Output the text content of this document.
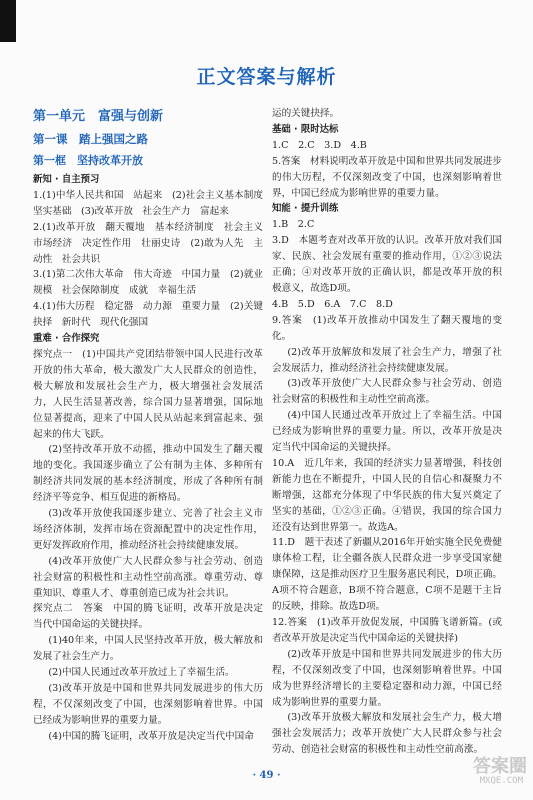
正文答案与解析

第一单元　富强与创新

第一课　踏上强国之路

第一框　坚持改革开放

新知 · 自主预习

1.(1)中华人民共和国　站起来　(2)社会主义基本制度　坚实基础　(3)改革开放　社会生产力　富起来

2.(1)改革开放　翻天覆地　基本经济制度　社会主义市场经济　决定性作用　壮丽史诗　(2)敢为人先　主动性　社会共识

3.(1)第二次伟大革命　伟大奇迹　中国力量　(2)就业规模　社会保障制度　成就　幸福生活

4.(1)伟大历程　稳定器　动力源　重要力量　(2)关键抉择　新时代　现代化强国

重难 · 合作探究

探究点一　(1)中国共产党团结带领中国人民进行改革开放的伟大革命，极大激发广大人民群众的创造性，极大解放和发展社会生产力，极大增强社会发展活力，人民生活显著改善，综合国力显著增强，国际地位显著提高，迎来了中国人民从站起来到富起来、强起来的伟大飞跃。

(2)坚持改革开放不动摇，推动中国发生了翻天覆地的变化。我国逐步确立了公有制为主体、多种所有制经济共同发展的基本经济制度，形成了各种所有制经济平等竞争、相互促进的新格局。

(3)改革开放使我国逐步建立、完善了社会主义市场经济体制，发挥市场在资源配置中的决定性作用，更好发挥政府作用，推动经济社会持续健康发展。

(4)改革开放使广大人民群众参与社会劳动、创造社会财富的积极性和主动性空前高涨。尊重劳动、尊重知识、尊重人才、尊重创造已成为社会共识。

探究点二　答案　中国的腾飞证明，改革开放是决定当代中国命运的关键抉择。

(1)40年来，中国人民坚持改革开放，极大解放和发展了社会生产力。

(2)中国人民通过改革开放过上了幸福生活。

(3)改革开放是中国和世界共同发展进步的伟大历程，不仅深刻改变了中国，也深刻影响着世界。中国已经成为影响世界的重要力量。

(4)中国的腾飞证明，改革开放是决定当代中国命

运的关键抉择。

基础 · 限时达标

1.C　2.C　3.D　4.B

5.答案　材料说明改革开放是中国和世界共同发展进步的伟大历程，不仅深刻改变了中国，也深刻影响着世界，中国已经成为影响世界的重要力量。

知能 · 提升训练

1.B　2.C

3.D　本题考查对改革开放的认识。改革开放对我们国家、民族、社会发展有重要的推动作用，①②③说法正确；④对改革开放的正确认识，都是改革开放的积极意义，故选D项。

4.B　5.D　6.A　7.C　8.D

9.答案　(1)改革开放推动中国发生了翻天覆地的变化。

(2)改革开放解放和发展了社会生产力，增强了社会发展活力，推动经济社会持续健康发展。

(3)改革开放使广大人民群众参与社会劳动、创造社会财富的积极性和主动性空前高涨。

(4)中国人民通过改革开放过上了幸福生活。中国已经成为影响世界的重要力量。所以，改革开放是决定当代中国命运的关键抉择。

10.A　近几年来，我国的经济实力显著增强，科技创新能力也在不断提升，中国人民的自信心和凝聚力不断增强，这都充分体现了中华民族的伟大复兴奠定了坚实的基础，①②③正确。④错误，我国的综合国力还没有达到世界第一。故选A。

11.D　题干表述了新疆从2016年开始实施全民免费健康体检工程，让全疆各族人民群众进一步享受国家健康保障，这是推动医疗卫生服务惠民利民，D项正确。A项不符合题意，B项不符合题意，C项不是题干主旨的反映，排除。故选D项。

12.答案　(1)改革开放促发展，中国腾飞谱新篇。(或者改革开放是决定当代中国命运的关键抉择)

(2)改革开放是中国和世界共同发展进步的伟大历程，不仅深刻改变了中国，也深刻影响着世界。中国成为世界经济增长的主要稳定器和动力源，中国已经成为影响世界的重要力量。

(3)改革开放极大解放和发展社会生产力，极大增强社会发展活力；改革开放使广大人民群众参与社会劳动、创造社会财富的积极性和主动性空前高涨。

· 49 ·	答案圈
MXQE.COM
